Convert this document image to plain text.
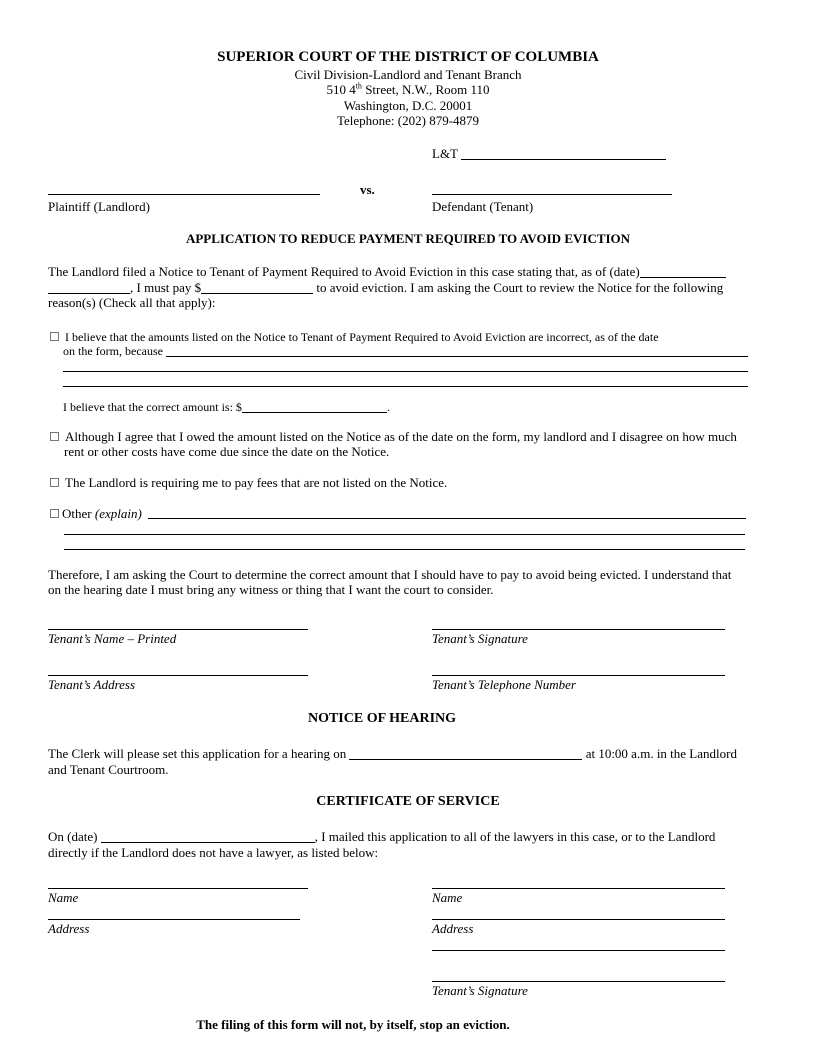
SUPERIOR COURT OF THE DISTRICT OF COLUMBIA
Civil Division-Landlord and Tenant Branch
510 4th Street, N.W., Room 110
Washington, D.C. 20001
Telephone: (202) 879-4879
L&T
vs.
Plaintiff (Landlord)	Defendant (Tenant)
APPLICATION TO REDUCE PAYMENT REQUIRED TO AVOID EVICTION
The Landlord filed a Notice to Tenant of Payment Required to Avoid Eviction in this case stating that, as of (date)
, I must pay $	to avoid eviction. I am asking the Court to review the Notice for the following
reason(s) (Check all that apply):
I believe that the amounts listed on the Notice to Tenant of Payment Required to Avoid Eviction are incorrect, as of the date
on the form, because
I believe that the correct amount is: $	.
Although I agree that I owed the amount listed on the Notice as of the date on the form, my landlord and I disagree on how much
rent or other costs have come due since the date on the Notice.
The Landlord is requiring me to pay fees that are not listed on the Notice.
Other (explain)
Therefore, I am asking the Court to determine the correct amount that I should have to pay to avoid being evicted. I understand that
on the hearing date I must bring any witness or thing that I want the court to consider.
Tenant’s Name – Printed	Tenant’s Signature
Tenant’s Address	Tenant’s Telephone Number
NOTICE OF HEARING
The Clerk will please set this application for a hearing on	at 10:00 a.m. in the Landlord
and Tenant Courtroom.
CERTIFICATE OF SERVICE
On (date)	, I mailed this application to all of the lawyers in this case, or to the Landlord
directly if the Landlord does not have a lawyer, as listed below:
Name	Name
Address	Address
Tenant’s Signature
The filing of this form will not, by itself, stop an eviction.
